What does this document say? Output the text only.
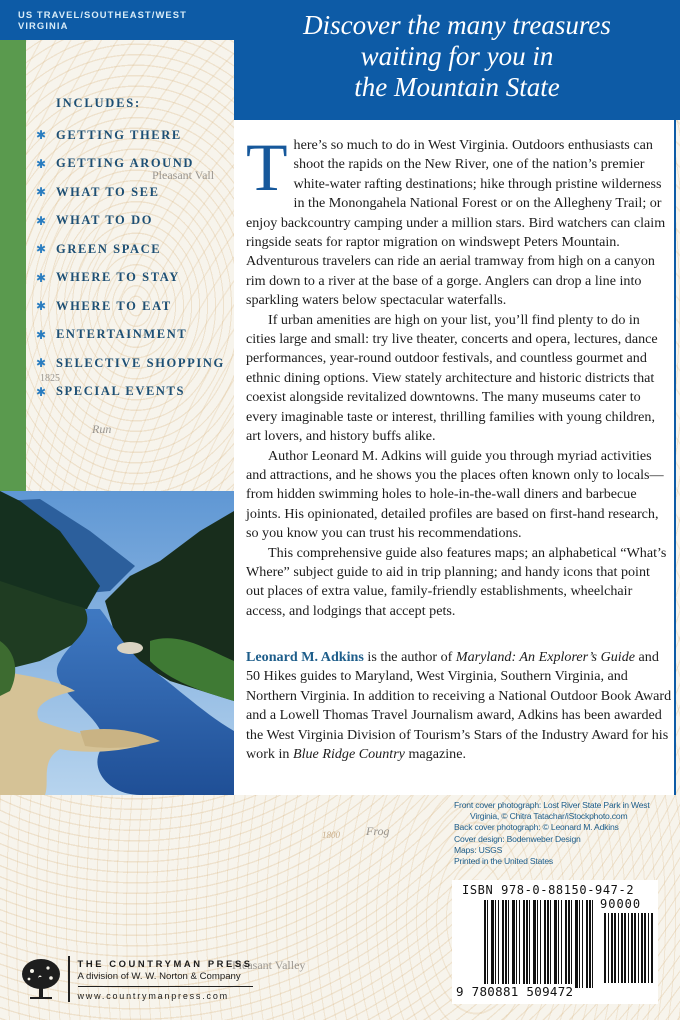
Pleasant Vall
Run
1825
1800 Frog
Pleasant Valley
US TRAVEL/SOUTHEAST/WEST VIRGINIA
INCLUDES:
✱ GETTING THERE
✱ GETTING AROUND
✱ WHAT TO SEE
✱ WHAT TO DO
✱ GREEN SPACE
✱ WHERE TO STAY
✱ WHERE TO EAT
✱ ENTERTAINMENT
✱ SELECTIVE SHOPPING
✱ SPECIAL EVENTS
Discover the many treasures
waiting for you in
the Mountain State

There’s so much to do in West Virginia. Outdoors enthusiasts can shoot the rapids on the New River, one of the nation’s premier white-water rafting destinations; hike through pristine wilderness in the Monongahela National Forest or on the Allegheny Trail; or enjoy backcountry camping under a million stars. Bird watchers can claim ringside seats for raptor migration on windswept Peters Mountain. Adventurous travelers can ride an aerial tramway from high on a canyon rim down to a river at the base of a gorge. Anglers can drop a line into sparkling waters below spectacular waterfalls.

If urban amenities are high on your list, you’ll find plenty to do in cities large and small: try live theater, concerts and opera, lectures, dance performances, year-round outdoor festivals, and countless gourmet and ethnic dining options. View stately architecture and historic districts that coexist alongside revitalized downtowns. The many museums cater to every imaginable taste or interest, thrilling families with young children, art lovers, and history buffs alike.

Author Leonard M. Adkins will guide you through myriad activities and attractions, and he shows you the places often known only to locals—from hidden swimming holes to hole-in-the-wall diners and barbecue joints. His opinionated, detailed profiles are based on first-hand research, so you know you can trust his recommendations.

This comprehensive guide also features maps; an alphabetical “What’s Where” subject guide to aid in trip planning; and handy icons that point out places of extra value, family-friendly establishments, wheelchair access, and lodgings that accept pets.

Leonard M. Adkins is the author of Maryland: An Explorer’s Guide and 50 Hikes guides to Maryland, West Virginia, Southern Virginia, and Northern Virginia. In addition to receiving a National Outdoor Book Award and a Lowell Thomas Travel Journalism award, Adkins has been awarded the West Virginia Division of Tourism’s Stars of the Industry Award for his work in Blue Ridge Country magazine.
Front cover photograph: Lost River State Park in West
Virginia, © Chitra Tatachar/iStockphoto.com
Back cover photograph: © Leonard M. Adkins
Cover design: Bodenweber Design
Maps: USGS
Printed in the United States
ISBN 978-0-88150-947-2
90000
9 780881 509472
THE COUNTRYMAN PRESS
A division of W. W. Norton & Company
www.countrymanpress.com
